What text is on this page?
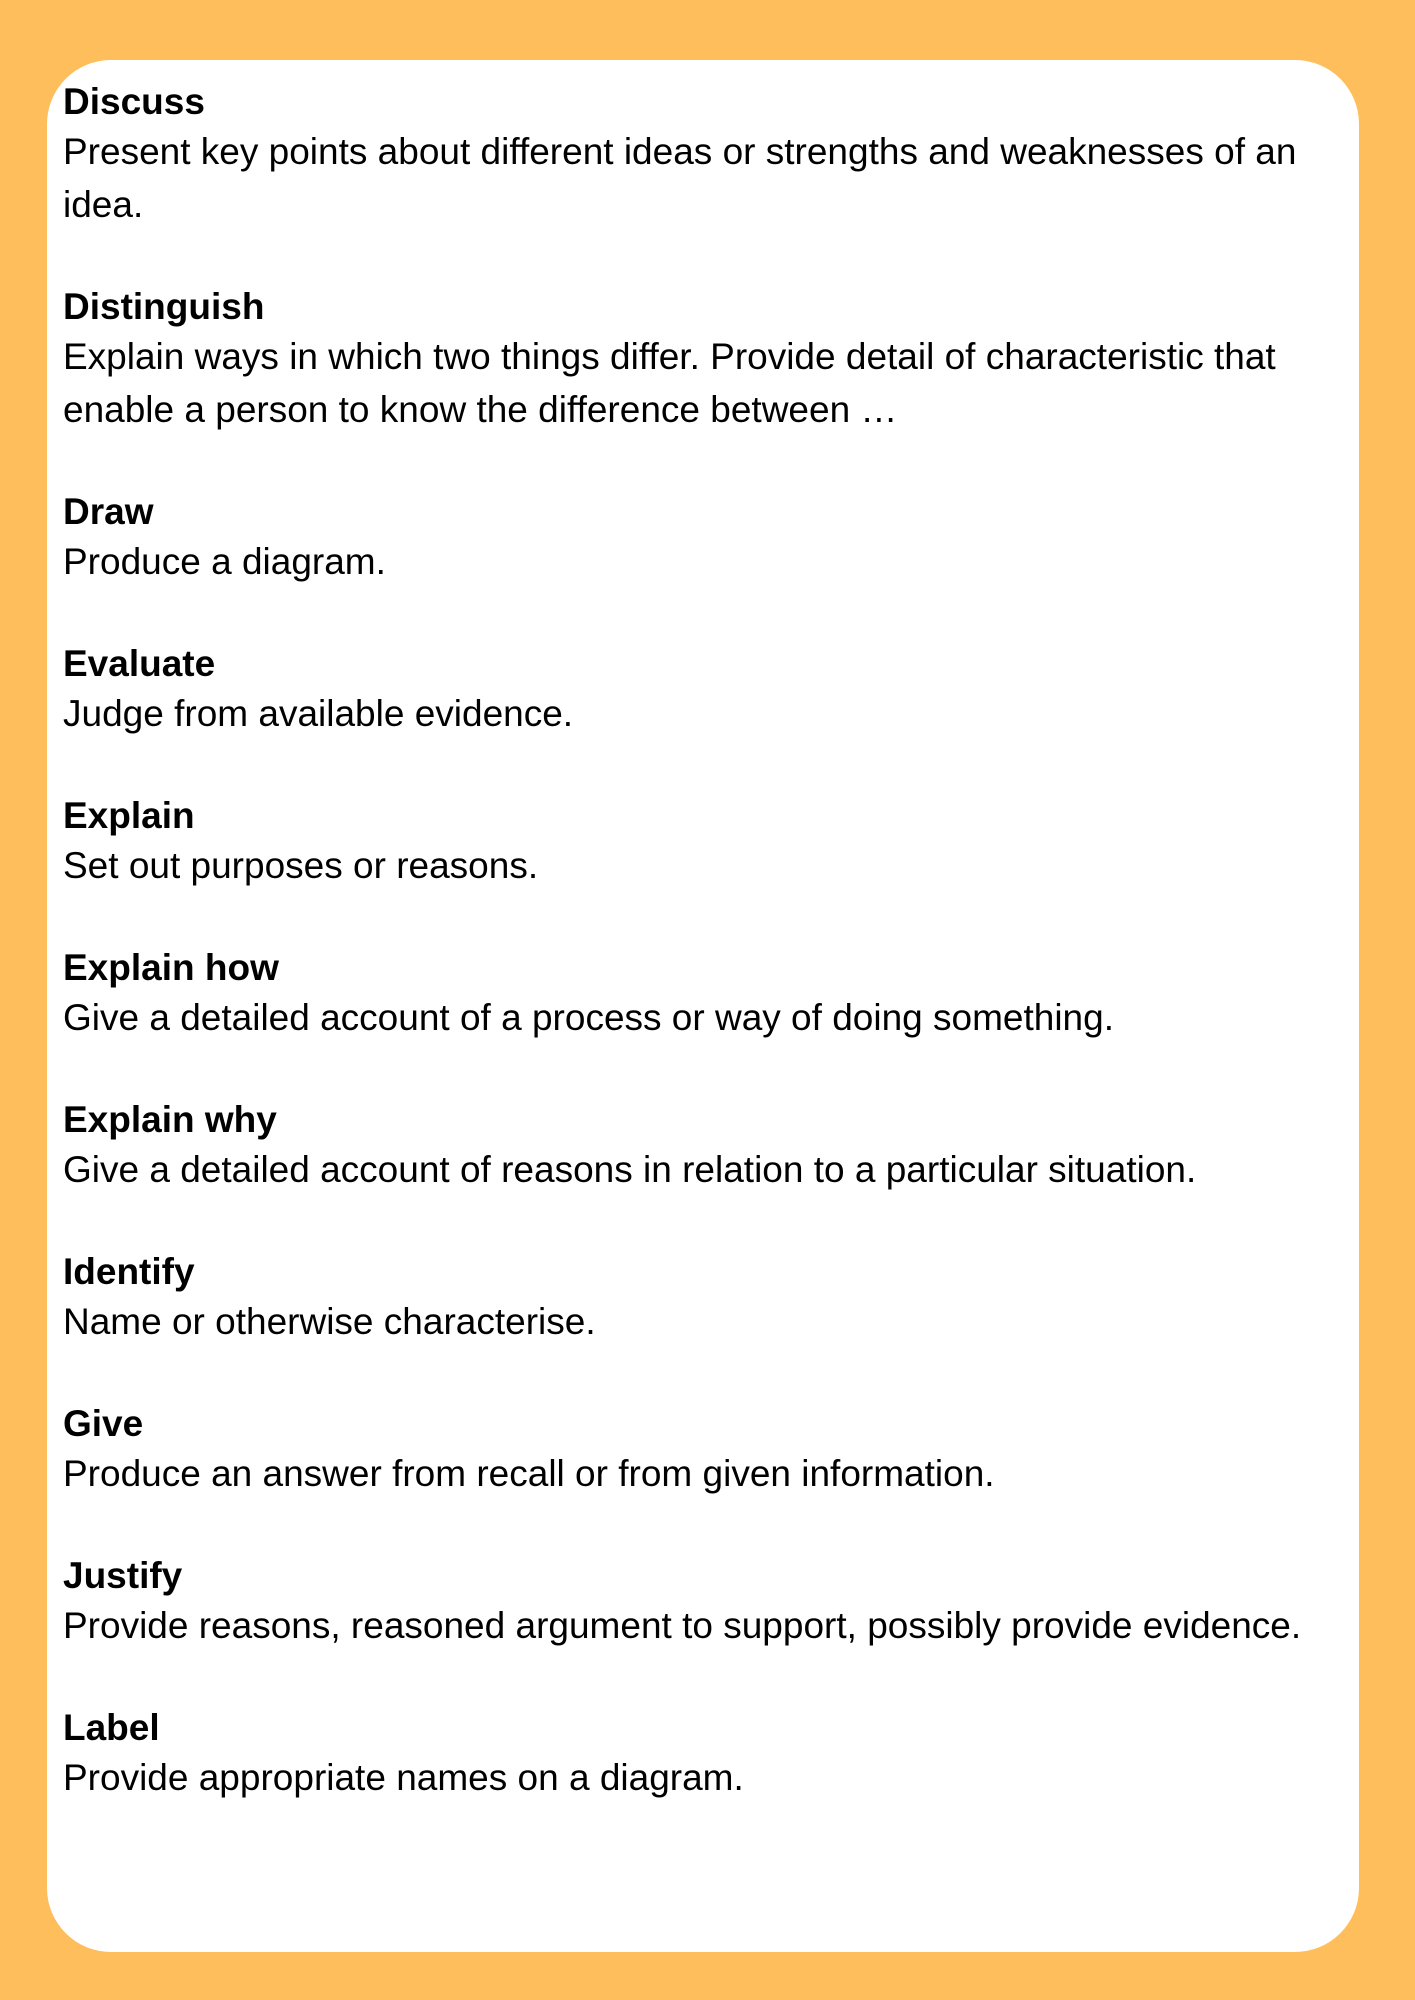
Discuss
Present key points about different ideas or strengths and weaknesses of an idea.
Distinguish
Explain ways in which two things differ. Provide detail of characteristic that enable a person to know the difference between …
Draw
Produce a diagram.
Evaluate
Judge from available evidence.
Explain
Set out purposes or reasons.
Explain how
Give a detailed account of a process or way of doing something.
Explain why
Give a detailed account of reasons in relation to a particular situation.
Identify
Name or otherwise characterise.
Give
Produce an answer from recall or from given information.
Justify
Provide reasons, reasoned argument to support, possibly provide evidence.
Label
Provide appropriate names on a diagram.
